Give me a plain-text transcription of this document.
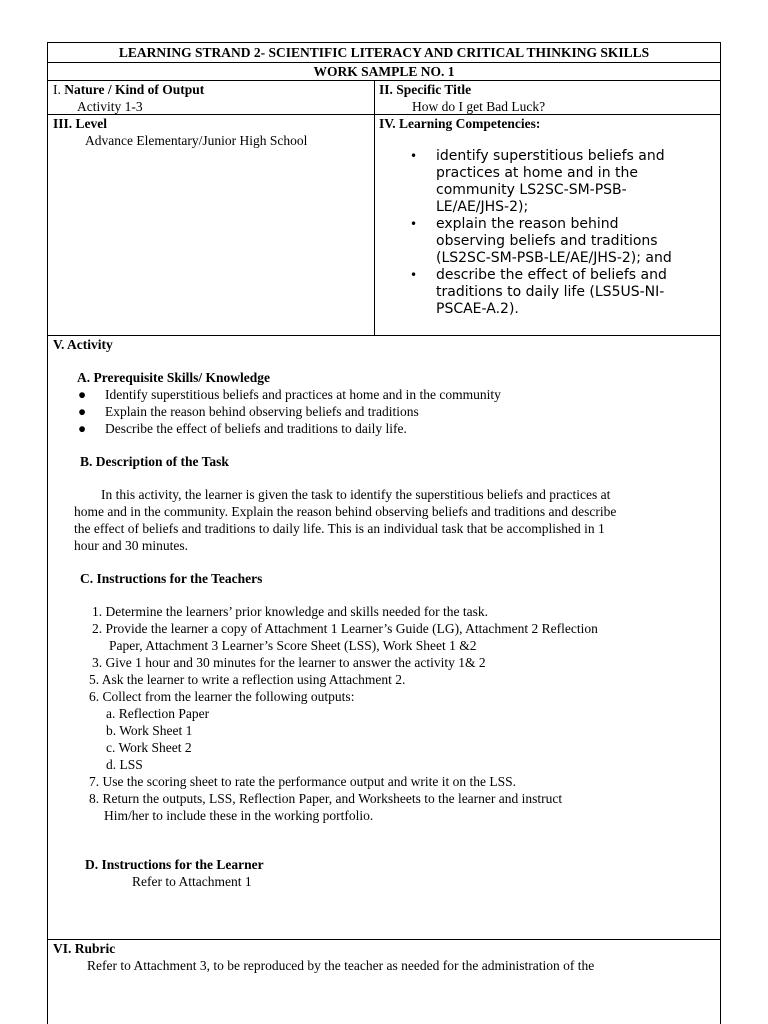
LEARNING STRAND 2- SCIENTIFIC LITERACY AND CRITICAL THINKING SKILLS
WORK SAMPLE NO. 1
I. Nature / Kind of Output
Activity 1-3
II. Specific Title
How do I get Bad Luck?
III. Level
Advance Elementary/Junior High School
IV. Learning Competencies:
• identify superstitious beliefs and practices at home and in the community LS2SC-SM-PSB-LE/AE/JHS-2);
• explain the reason behind observing beliefs and traditions (LS2SC-SM-PSB-LE/AE/JHS-2); and
• describe the effect of beliefs and traditions to daily life (LS5US-NI-PSCAE-A.2).
V. Activity
A. Prerequisite Skills/ Knowledge
● Identify superstitious beliefs and practices at home and in the community
● Explain the reason behind observing beliefs and traditions
● Describe the effect of beliefs and traditions to daily life.
B. Description of the Task
In this activity, the learner is given the task to identify the superstitious beliefs and practices at
home and in the community. Explain the reason behind observing beliefs and traditions and describe
the effect of beliefs and traditions to daily life. This is an individual task that be accomplished in 1
hour and 30 minutes.
C. Instructions for the Teachers
1. Determine the learners’ prior knowledge and skills needed for the task.
2. Provide the learner a copy of Attachment 1 Learner’s Guide (LG), Attachment 2 Reflection
Paper, Attachment 3 Learner’s Score Sheet (LSS), Work Sheet 1 &2
3. Give 1 hour and 30 minutes for the learner to answer the activity 1& 2
5. Ask the learner to write a reflection using Attachment 2.
6. Collect from the learner the following outputs:
a. Reflection Paper
b. Work Sheet 1
c. Work Sheet 2
d. LSS
7. Use the scoring sheet to rate the performance output and write it on the LSS.
8. Return the outputs, LSS, Reflection Paper, and Worksheets to the learner and instruct
Him/her to include these in the working portfolio.
D. Instructions for the Learner
Refer to Attachment 1
VI. Rubric
Refer to Attachment 3, to be reproduced by the teacher as needed for the administration of the
